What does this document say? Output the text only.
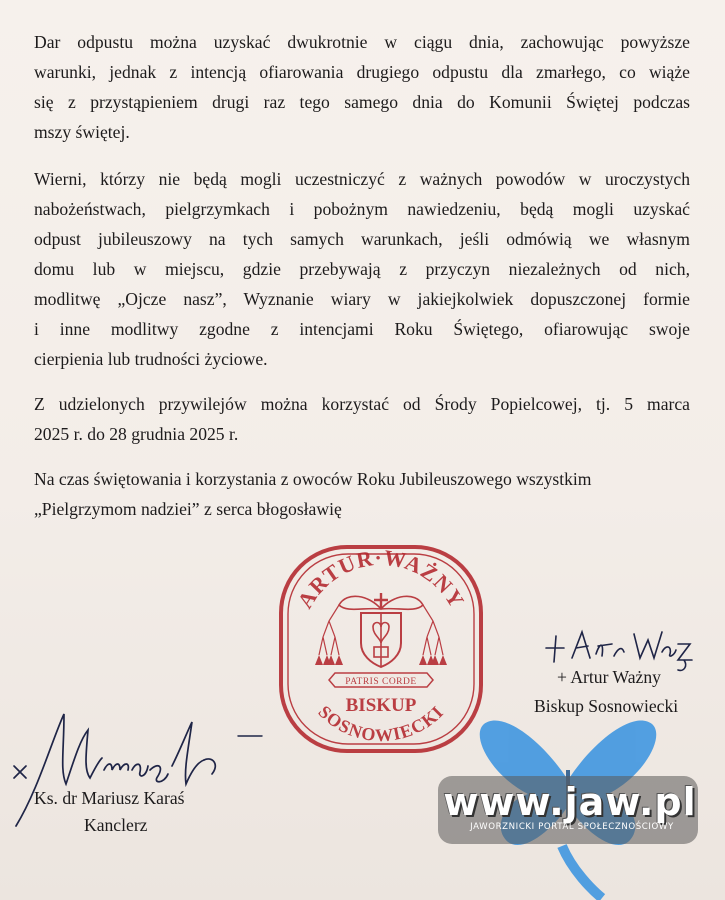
Dar odpustu można uzyskać dwukrotnie w ciągu dnia, zachowując powyższe
warunki, jednak z intencją ofiarowania drugiego odpustu dla zmarłego, co wiąże
się z przystąpieniem drugi raz tego samego dnia do Komunii Świętej podczas
mszy świętej.

Wierni, którzy nie będą mogli uczestniczyć z ważnych powodów w uroczystych
nabożeństwach, pielgrzymkach i pobożnym nawiedzeniu, będą mogli uzyskać
odpust jubileuszowy na tych samych warunkach, jeśli odmówią we własnym
domu lub w miejscu, gdzie przebywają z przyczyn niezależnych od nich,
modlitwę „Ojcze nasz”, Wyznanie wiary w jakiejkolwiek dopuszczonej formie
i inne modlitwy zgodne z intencjami Roku Świętego, ofiarowując swoje
cierpienia lub trudności życiowe.

Z udzielonych przywilejów można korzystać od Środy Popielcowej, tj. 5 marca
2025 r. do 28 grudnia 2025 r.

Na czas świętowania i korzystania z owoców Roku Jubileuszowego wszystkim
„Pielgrzymom nadziei” z serca błogosławię

ARTUR·WAŻNY
BISKUP
SOSNOWIECKI
PATRIS CORDE	+ Artur Ważny
Biskup Sosnowiecki
Ks. dr Mariusz Karaś
Kanclerz
www.jaw.pl
JAWORZNICKI PORTAL SPOŁECZNOŚCIOWY
